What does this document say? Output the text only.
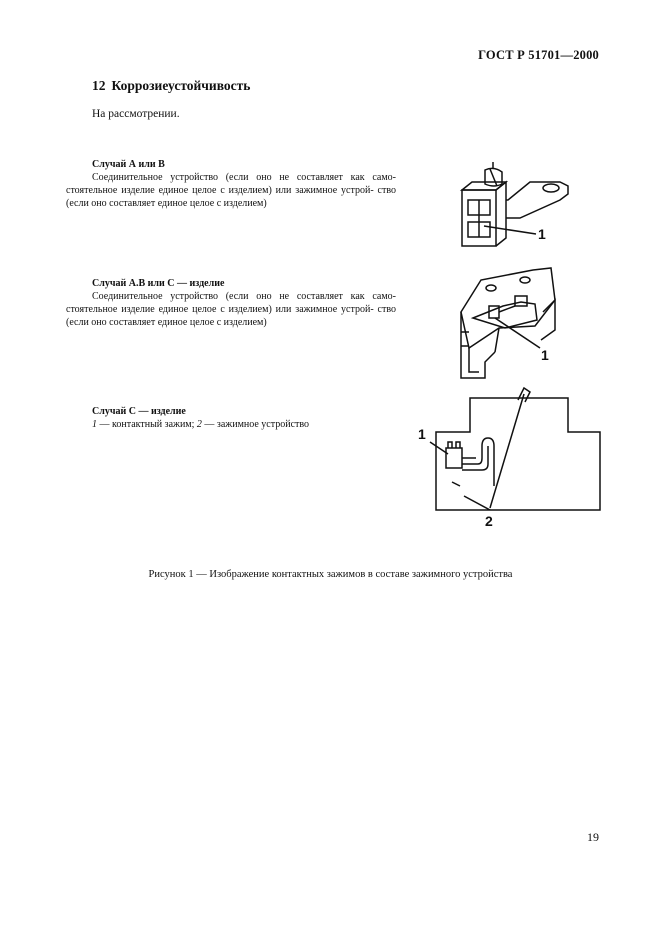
ГОСТ Р 51701—2000
12 Коррозиеустойчивость
На рассмотрении.
Случай А или В
Соединительное устройство (если оно не составляет как само- стоятельное изделие единое целое с изделием) или зажимное устрой- ство (если оно составляет единое целое с изделием)
Случай А.В или С — изделие
Соединительное устройство (если оно не составляет как само- стоятельное изделие единое целое с изделием) или зажимное устрой- ство (если оно составляет единое целое с изделием)
Случай С — изделие
1 — контактный зажим; 2 — зажимное устройство
1
1
1
2
Рисунок 1 — Изображение контактных зажимов в составе зажимного устройства
19
